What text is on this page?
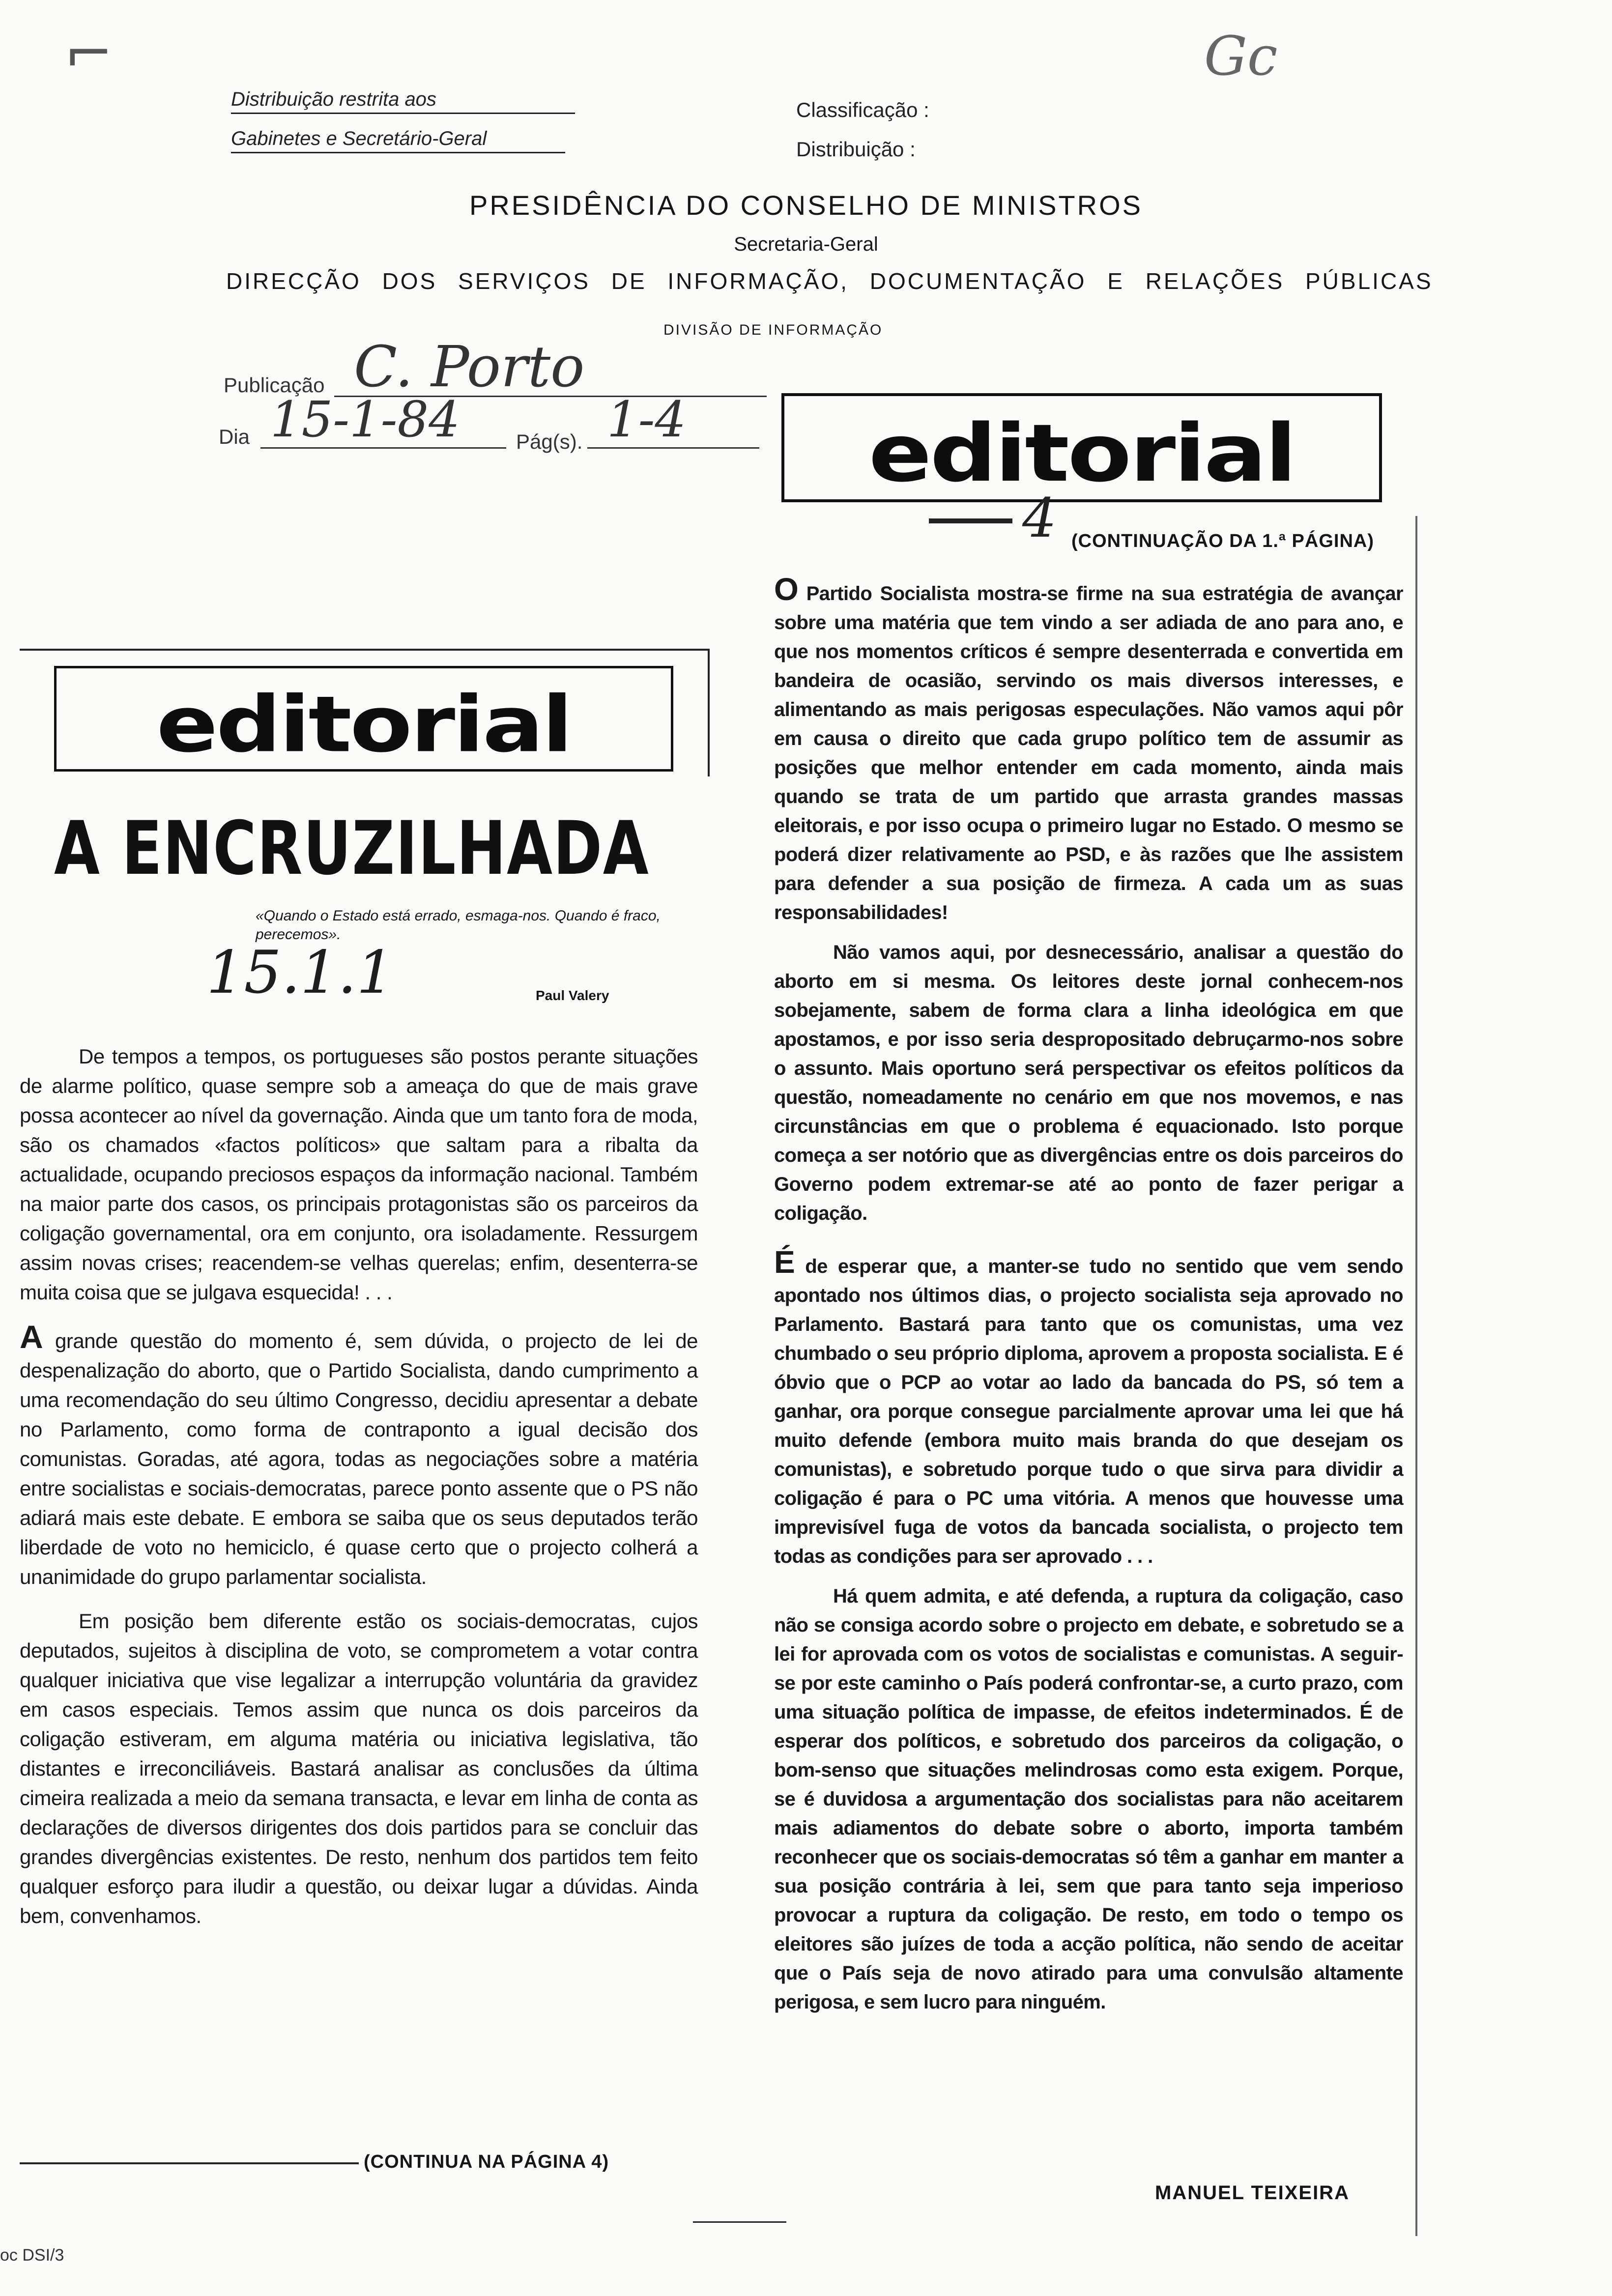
⌐	Gc
Distribuição restrita aos
Gabinetes e Secretário-Geral
Classificação :
Distribuição :
PRESIDÊNCIA DO CONSELHO DE MINISTROS
Secretaria-Geral
DIRECÇÃO DOS SERVIÇOS DE INFORMAÇÃO, DOCUMENTAÇÃO E RELAÇÕES PÚBLICAS
DIVISÃO DE INFORMAÇÃO
Publicação C. Porto
Dia 15-1-84	Pág(s). 1-4	editorial
4 (CONTINUAÇÃO DA 1.ª PÁGINA)
editorial
A ENCRUZILHADA
«Quando o Estado está errado, esmaga-nos. Quando é fraco, perecemos».
15.1.1	Paul Valery

De tempos a tempos, os portugueses são postos perante situações de alarme político, quase sempre sob a ameaça do que de mais grave possa acontecer ao nível da governação. Ainda que um tanto fora de moda, são os chamados «factos políticos» que saltam para a ribalta da actualidade, ocupando preciosos espaços da informação nacional. Também na maior parte dos casos, os principais protagonistas são os parceiros da coligação governamental, ora em conjunto, ora isoladamente. Ressurgem assim novas crises; reacendem-se velhas querelas; enfim, desenterra-se muita coisa que se julgava esquecida! . . .

A grande questão do momento é, sem dúvida, o projecto de lei de despenalização do aborto, que o Partido Socialista, dando cumprimento a uma recomendação do seu último Congresso, decidiu apresentar a debate no Parlamento, como forma de contraponto a igual decisão dos comunistas. Goradas, até agora, todas as negociações sobre a matéria entre socialistas e sociais-democratas, parece ponto assente que o PS não adiará mais este debate. E embora se saiba que os seus deputados terão liberdade de voto no hemiciclo, é quase certo que o projecto colherá a unanimidade do grupo parlamentar socialista.

Em posição bem diferente estão os sociais-democratas, cujos deputados, sujeitos à disciplina de voto, se comprometem a votar contra qualquer iniciativa que vise legalizar a interrupção voluntária da gravidez em casos especiais. Temos assim que nunca os dois parceiros da coligação estiveram, em alguma matéria ou iniciativa legislativa, tão distantes e irreconciliáveis. Bastará analisar as conclusões da última cimeira realizada a meio da semana transacta, e levar em linha de conta as declarações de diversos dirigentes dos dois partidos para se concluir das grandes divergências existentes. De resto, nenhum dos partidos tem feito qualquer esforço para iludir a questão, ou deixar lugar a dúvidas. Ainda bem, convenhamos.

(CONTINUA NA PÁGINA 4)

O Partido Socialista mostra-se firme na sua estratégia de avançar sobre uma matéria que tem vindo a ser adiada de ano para ano, e que nos momentos críticos é sempre desenterrada e convertida em bandeira de ocasião, servindo os mais diversos interesses, e alimentando as mais perigosas especulações. Não vamos aqui pôr em causa o direito que cada grupo político tem de assumir as posições que melhor entender em cada momento, ainda mais quando se trata de um partido que arrasta grandes massas eleitorais, e por isso ocupa o primeiro lugar no Estado. O mesmo se poderá dizer relativamente ao PSD, e às razões que lhe assistem para defender a sua posição de firmeza. A cada um as suas responsabilidades!

Não vamos aqui, por desnecessário, analisar a questão do aborto em si mesma. Os leitores deste jornal conhecem-nos sobejamente, sabem de forma clara a linha ideológica em que apostamos, e por isso seria despropositado debruçarmo-nos sobre o assunto. Mais oportuno será perspectivar os efeitos políticos da questão, nomeadamente no cenário em que nos movemos, e nas circunstâncias em que o problema é equacionado. Isto porque começa a ser notório que as divergências entre os dois parceiros do Governo podem extremar-se até ao ponto de fazer perigar a coligação.

É de esperar que, a manter-se tudo no sentido que vem sendo apontado nos últimos dias, o projecto socialista seja aprovado no Parlamento. Bastará para tanto que os comunistas, uma vez chumbado o seu próprio diploma, aprovem a proposta socialista. E é óbvio que o PCP ao votar ao lado da bancada do PS, só tem a ganhar, ora porque consegue parcialmente aprovar uma lei que há muito defende (embora muito mais branda do que desejam os comunistas), e sobretudo porque tudo o que sirva para dividir a coligação é para o PC uma vitória. A menos que houvesse uma imprevisível fuga de votos da bancada socialista, o projecto tem todas as condições para ser aprovado . . .

Há quem admita, e até defenda, a ruptura da coligação, caso não se consiga acordo sobre o projecto em debate, e sobretudo se a lei for aprovada com os votos de socialistas e comunistas. A seguir-se por este caminho o País poderá confrontar-se, a curto prazo, com uma situação política de impasse, de efeitos indeterminados. É de esperar dos políticos, e sobretudo dos parceiros da coligação, o bom-senso que situações melindrosas como esta exigem. Porque, se é duvidosa a argumentação dos socialistas para não aceitarem mais adiamentos do debate sobre o aborto, importa também reconhecer que os sociais-democratas só têm a ganhar em manter a sua posição contrária à lei, sem que para tanto seja imperioso provocar a ruptura da coligação. De resto, em todo o tempo os eleitores são juízes de toda a acção política, não sendo de aceitar que o País seja de novo atirado para uma convulsão altamente perigosa, e sem lucro para ninguém.

MANUEL TEIXEIRA
oc DSI/3
